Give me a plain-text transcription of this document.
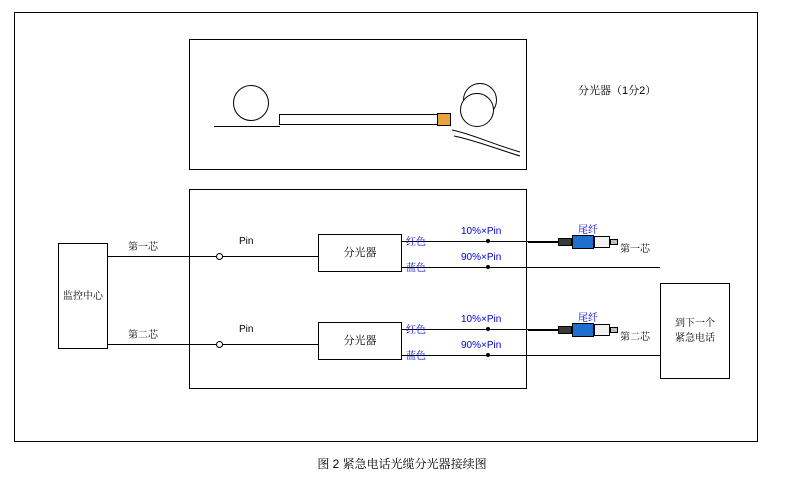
分光器（1分2）
监控中心
到下一个
紧急电话
分光器
分光器
第一芯
Pin	红色
蓝色
10%×Pin
90%×Pin
尾纤
第一芯
第二芯
Pin	红色
蓝色
10%×Pin
90%×Pin
尾纤
第二芯
图 2 紧急电话光缆分光器接续图
